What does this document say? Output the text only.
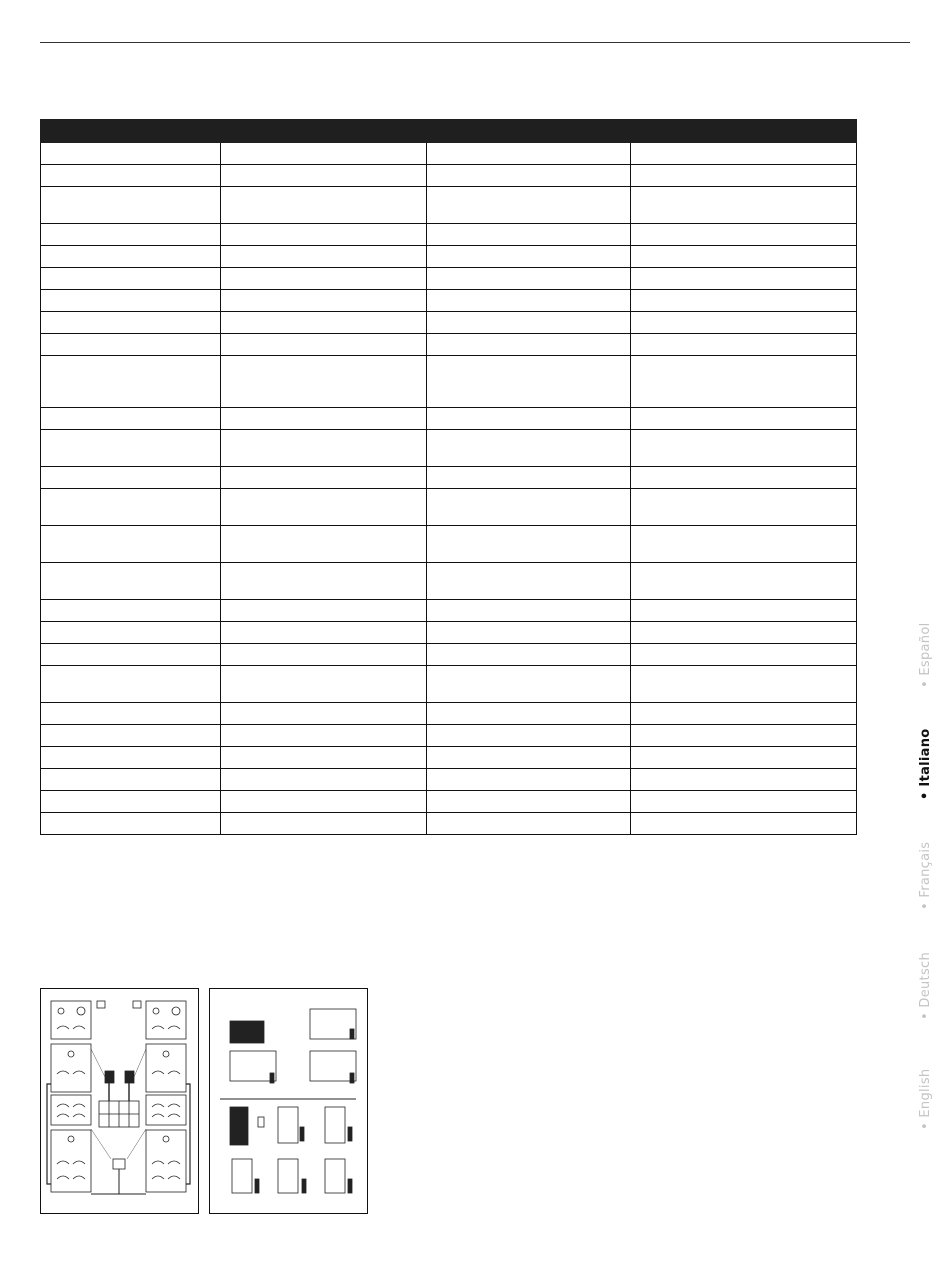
• Español
• Italiano
• Français
• Deutsch
• English
